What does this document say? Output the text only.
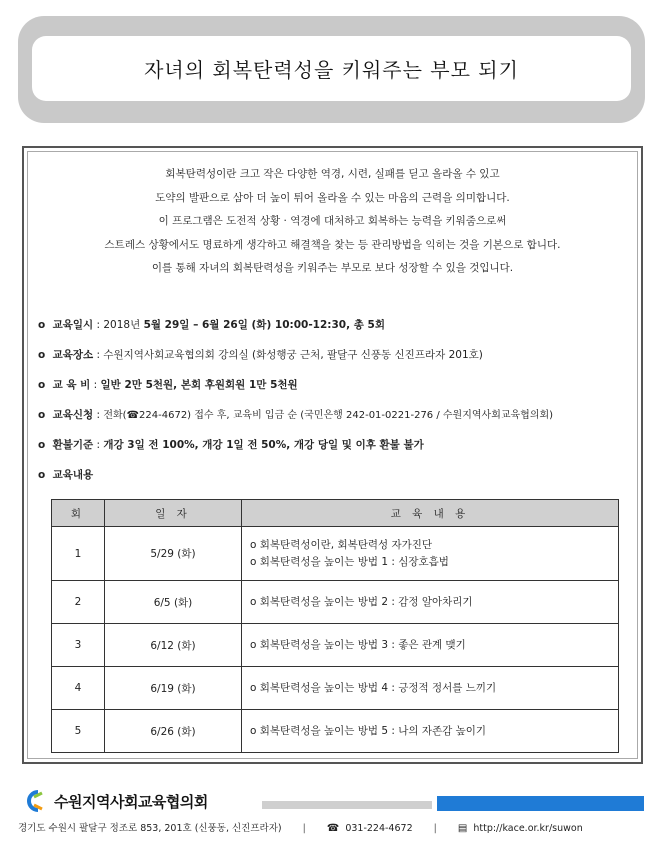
자녀의 회복탄력성을 키워주는 부모 되기
회복탄력성이란 크고 작은 다양한 역경, 시련, 실패를 딛고 올라올 수 있고
도약의 발판으로 삼아 더 높이 튀어 올라올 수 있는 마음의 근력을 의미합니다.
이 프로그램은 도전적 상황 · 역경에 대처하고 회복하는 능력을 키워줌으로써
스트레스 상황에서도 명료하게 생각하고 해결책을 찾는 등 관리방법을 익히는 것을 기본으로 합니다.
이를 통해 자녀의 회복탄력성을 키워주는 부모로 보다 성장할 수 있을 것입니다.
o 교육일시 : 2018년 5월 29일 – 6월 26일 (화) 10:00-12:30, 총 5회
o 교육장소 : 수원지역사회교육협의회 강의실 (화성행궁 근처, 팔달구 신풍동 신진프라자 201호)
o 교 육 비 : 일반 2만 5천원, 본회 후원회원 1만 5천원
o 교육신청 : 전화(☎224-4672) 접수 후, 교육비 입금 순 (국민은행 242-01-0221-276 / 수원지역사회교육협의회)
o 환불기준 : 개강 3일 전 100%, 개강 1일 전 50%, 개강 당일 및 이후 환불 불가
o 교육내용
회	일 자	교 육 내 용
1	5/29 (화)	o 회복탄력성이란, 회복탄력성 자가진단
o 회복탄력성을 높이는 방법 1 : 심장호흡법

2	6/5 (화)	o 회복탄력성을 높이는 방법 2 : 감정 알아차리기

3	6/12 (화)	o 회복탄력성을 높이는 방법 3 : 좋은 관계 맺기

4	6/19 (화)	o 회복탄력성을 높이는 방법 4 : 긍정적 정서를 느끼기

5	6/26 (화)	o 회복탄력성을 높이는 방법 5 : 나의 자존감 높이기
수원지역사회교육협의회
경기도 수원시 팔달구 정조로 853, 201호 (신풍동, 신진프라자) | ☎ 031-224-4672 | ▤ http://kace.or.kr/suwon
